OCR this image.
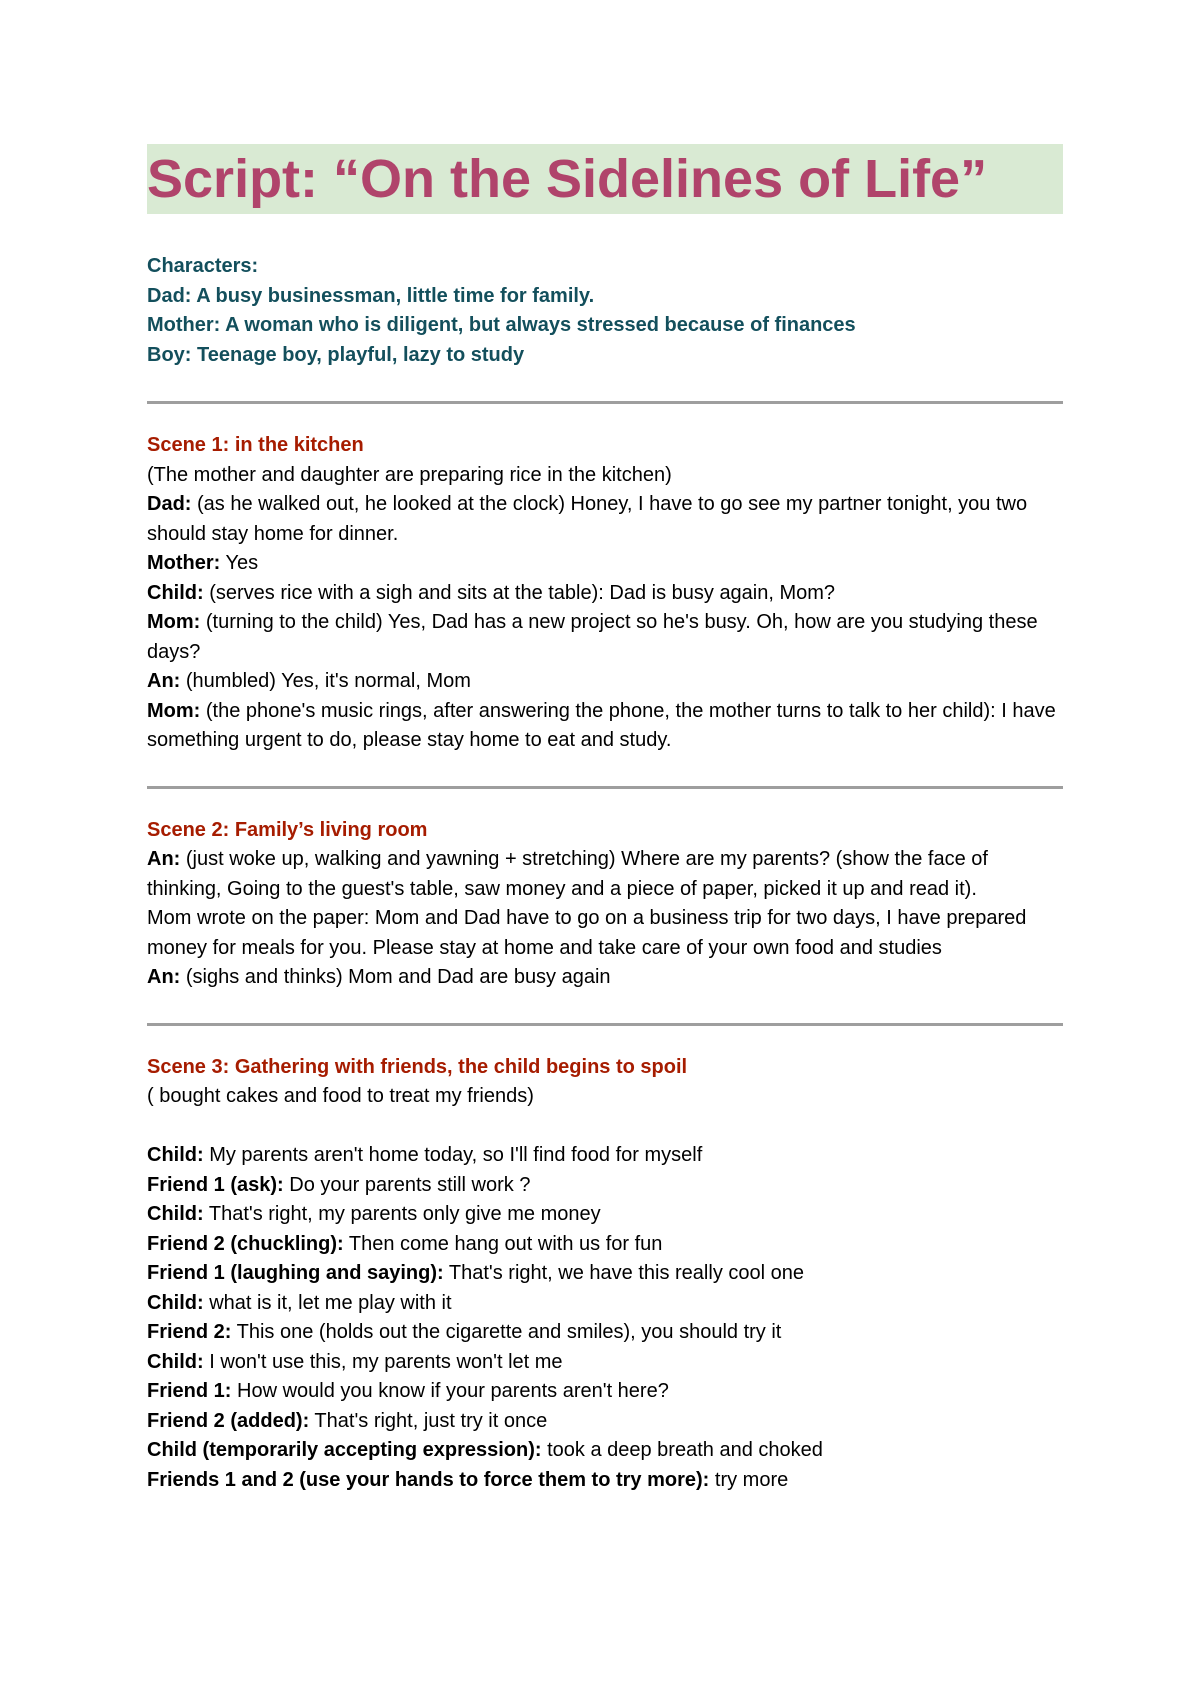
Script: “On the Sidelines of Life”
Characters:
Dad: A busy businessman, little time for family.
Mother: A woman who is diligent, but always stressed because of finances
Boy: Teenage boy, playful, lazy to study
Scene 1: in the kitchen
(The mother and daughter are preparing rice in the kitchen)
Dad: (as he walked out, he looked at the clock) Honey, I have to go see my partner tonight, you two should stay home for dinner.
Mother: Yes
Child: (serves rice with a sigh and sits at the table): Dad is busy again, Mom?
Mom: (turning to the child) Yes, Dad has a new project so he's busy. Oh, how are you studying these days?
An: (humbled) Yes, it's normal, Mom
Mom: (the phone's music rings, after answering the phone, the mother turns to talk to her child): I have something urgent to do, please stay home to eat and study.
Scene 2: Family’s living room
An: (just woke up, walking and yawning + stretching) Where are my parents? (show the face of thinking, Going to the guest's table, saw money and a piece of paper, picked it up and read it).
Mom wrote on the paper: Mom and Dad have to go on a business trip for two days, I have prepared money for meals for you. Please stay at home and take care of your own food and studies
An: (sighs and thinks) Mom and Dad are busy again
Scene 3: Gathering with friends, the child begins to spoil
( bought cakes and food to treat my friends)
Child: My parents aren't home today, so I'll find food for myself
Friend 1 (ask): Do your parents still work ?
Child: That's right, my parents only give me money
Friend 2 (chuckling): Then come hang out with us for fun
Friend 1 (laughing and saying): That's right, we have this really cool one
Child: what is it, let me play with it
Friend 2: This one (holds out the cigarette and smiles), you should try it
Child: I won't use this, my parents won't let me
Friend 1: How would you know if your parents aren't here?
Friend 2 (added): That's right, just try it once
Child (temporarily accepting expression): took a deep breath and choked
Friends 1 and 2 (use your hands to force them to try more): try more
